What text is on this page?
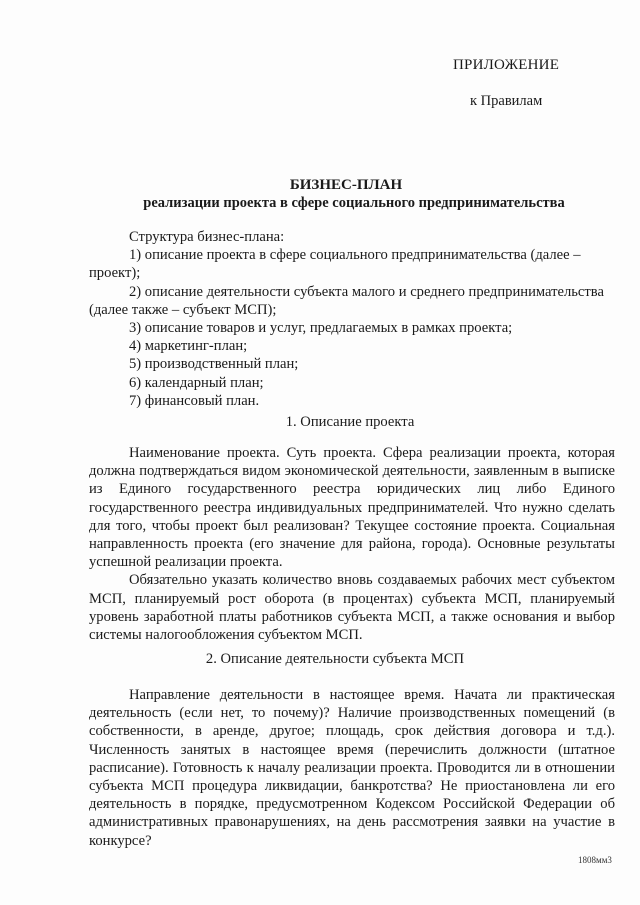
ПРИЛОЖЕНИЕ
к Правилам
БИЗНЕС-ПЛАН
реализации проекта в сфере социального предпринимательства

Структура бизнес-плана:

1) описание проекта в сфере социального предпринимательства (далее – проект);

2) описание деятельности субъекта малого и среднего предпринимательства (далее также – субъект МСП);

3) описание товаров и услуг, предлагаемых в рамках проекта;

4) маркетинг-план;

5) производственный план;

6) календарный план;

7) финансовый план.

1. Описание проекта

Наименование проекта. Суть проекта. Сфера реализации проекта, которая должна подтверждаться видом экономической деятельности, заявленным в выписке из Единого государственного реестра юридических лиц либо Единого государственного реестра индивидуальных предпринимателей. Что нужно сделать для того, чтобы проект был реализован? Текущее состояние проекта. Социальная направленность проекта (его значение для района, города). Основные результаты успешной реализации проекта.

Обязательно указать количество вновь создаваемых рабочих мест субъектом МСП, планируемый рост оборота (в процентах) субъекта МСП, планируемый уровень заработной платы работников субъекта МСП, а также основания и выбор системы налогообложения субъектом МСП.

2. Описание деятельности субъекта МСП

Направление деятельности в настоящее время. Начата ли практическая деятельность (если нет, то почему)? Наличие производственных помещений (в собственности, в аренде, другое; площадь, срок действия договора и т.д.). Численность занятых в настоящее время (перечислить должности (штатное расписание). Готовность к началу реализации проекта. Проводится ли в отношении субъекта МСП процедура ликвидации, банкротства? Не приостановлена ли его деятельность в порядке, предусмотренном Кодексом Российской Федерации об административных правонарушениях, на день рассмотрения заявки на участие в конкурсе?

1808мм3
